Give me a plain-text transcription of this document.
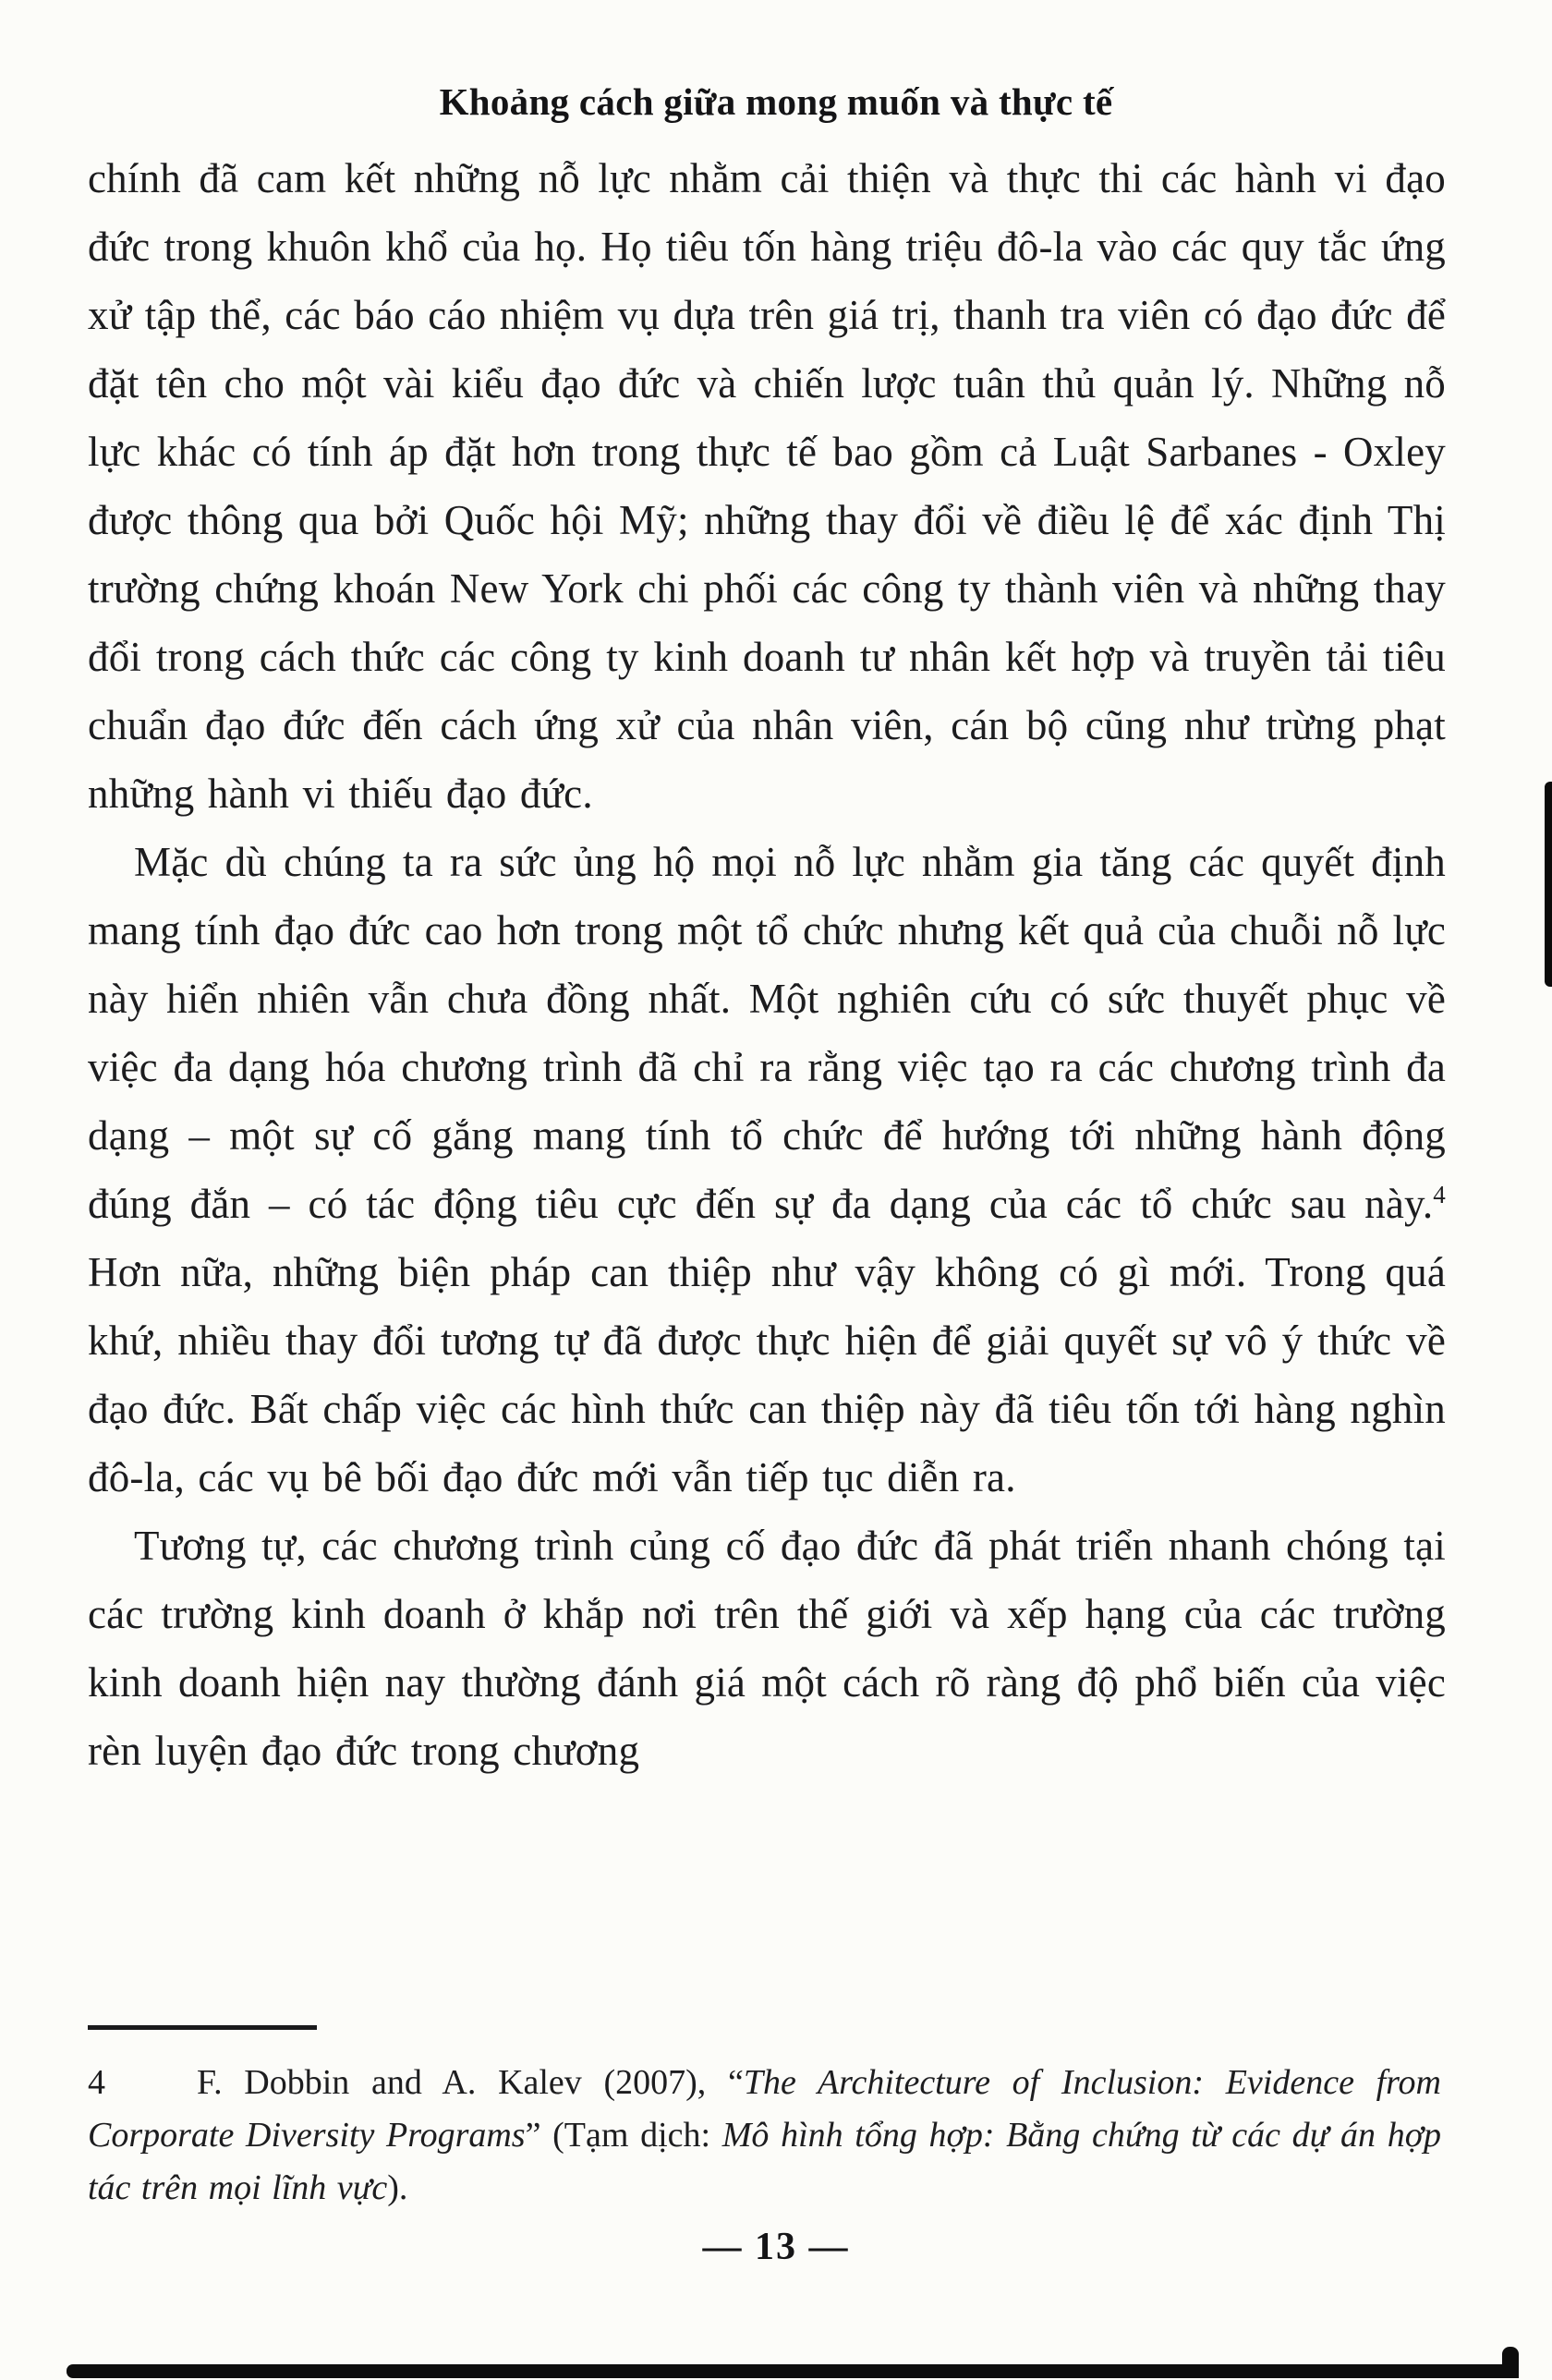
Khoảng cách giữa mong muốn và thực tế

chính đã cam kết những nỗ lực nhằm cải thiện và thực thi các hành vi đạo đức trong khuôn khổ của họ. Họ tiêu tốn hàng triệu đô-la vào các quy tắc ứng xử tập thể, các báo cáo nhiệm vụ dựa trên giá trị, thanh tra viên có đạo đức để đặt tên cho một vài kiểu đạo đức và chiến lược tuân thủ quản lý. Những nỗ lực khác có tính áp đặt hơn trong thực tế bao gồm cả Luật Sarbanes - Oxley được thông qua bởi Quốc hội Mỹ; những thay đổi về điều lệ để xác định Thị trường chứng khoán New York chi phối các công ty thành viên và những thay đổi trong cách thức các công ty kinh doanh tư nhân kết hợp và truyền tải tiêu chuẩn đạo đức đến cách ứng xử của nhân viên, cán bộ cũng như trừng phạt những hành vi thiếu đạo đức.

Mặc dù chúng ta ra sức ủng hộ mọi nỗ lực nhằm gia tăng các quyết định mang tính đạo đức cao hơn trong một tổ chức nhưng kết quả của chuỗi nỗ lực này hiển nhiên vẫn chưa đồng nhất. Một nghiên cứu có sức thuyết phục về việc đa dạng hóa chương trình đã chỉ ra rằng việc tạo ra các chương trình đa dạng – một sự cố gắng mang tính tổ chức để hướng tới những hành động đúng đắn – có tác động tiêu cực đến sự đa dạng của các tổ chức sau này.$^4$ Hơn nữa, những biện pháp can thiệp như vậy không có gì mới. Trong quá khứ, nhiều thay đổi tương tự đã được thực hiện để giải quyết sự vô ý thức về đạo đức. Bất chấp việc các hình thức can thiệp này đã tiêu tốn tới hàng nghìn đô-la, các vụ bê bối đạo đức mới vẫn tiếp tục diễn ra.

Tương tự, các chương trình củng cố đạo đức đã phát triển nhanh chóng tại các trường kinh doanh ở khắp nơi trên thế giới và xếp hạng của các trường kinh doanh hiện nay thường đánh giá một cách rõ ràng độ phổ biến của việc rèn luyện đạo đức trong chương

4	F. Dobbin and A. Kalev (2007), “The Architecture of Inclusion: Evidence from Corporate Diversity Programs” (Tạm dịch: Mô hình tổng hợp: Bằng chứng từ các dự án hợp tác trên mọi lĩnh vực).
— 13 —
